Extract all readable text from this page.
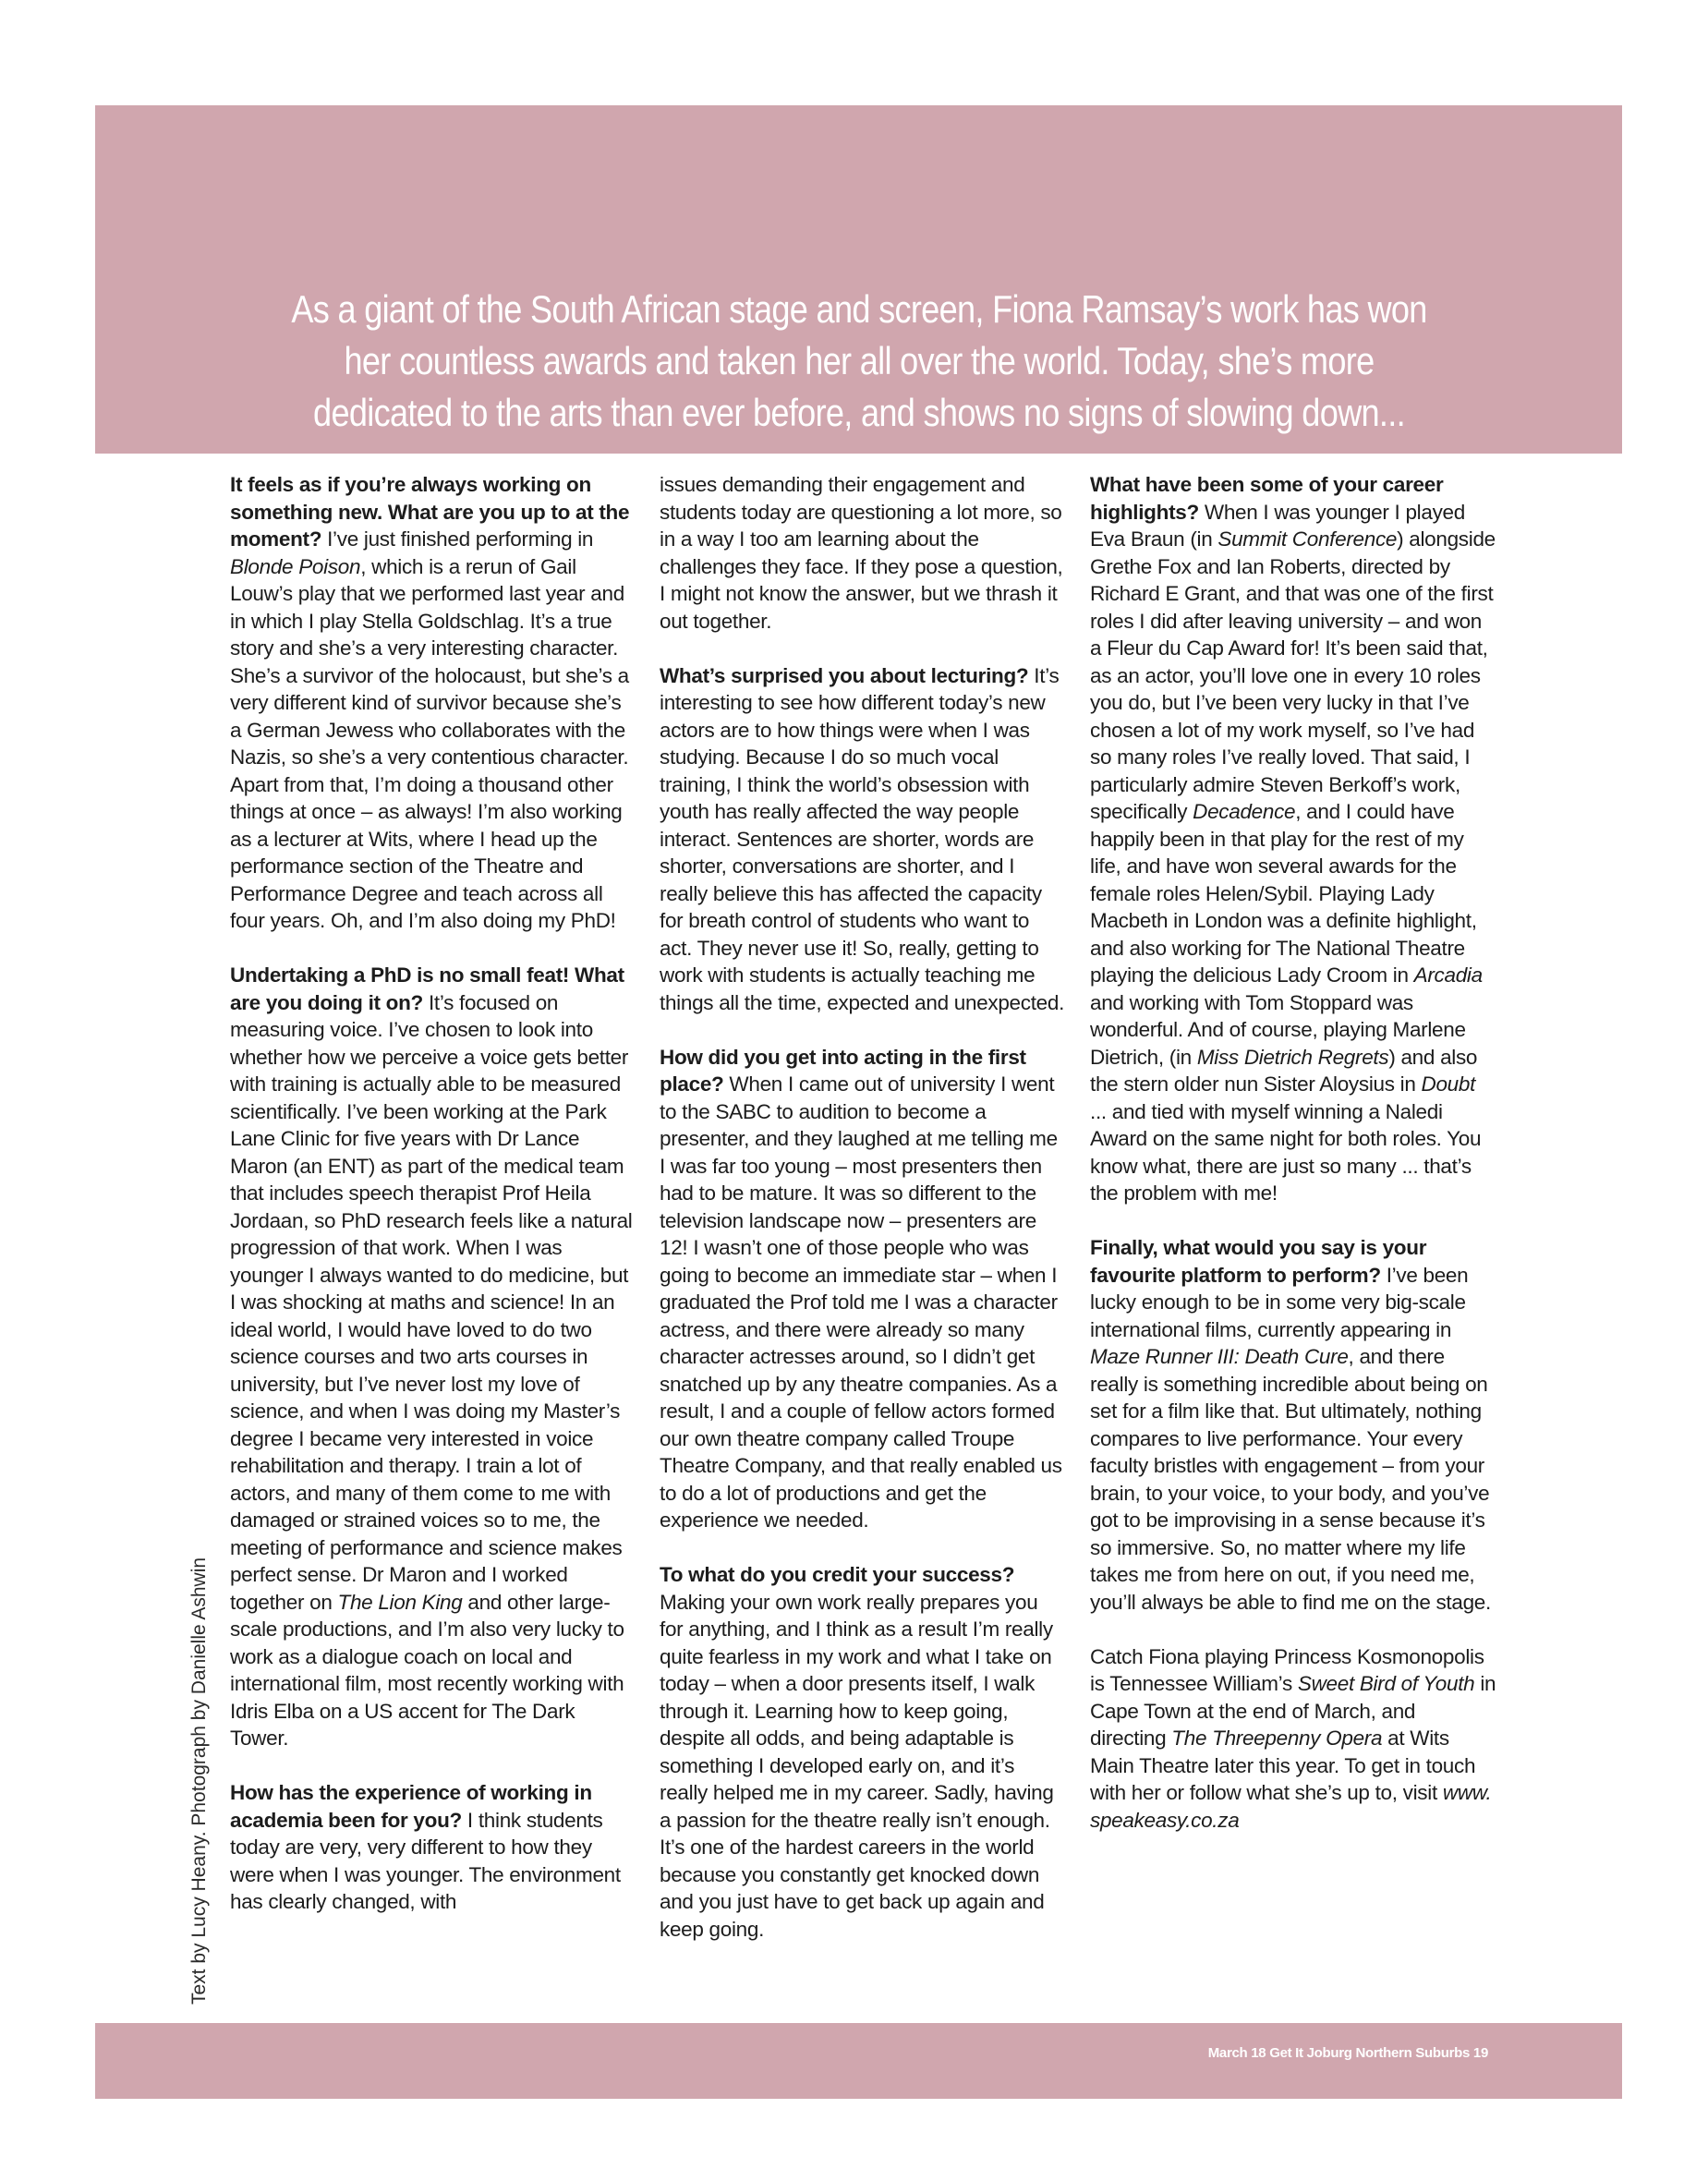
As a giant of the South African stage and screen, Fiona Ramsay’s work has won her countless awards and taken her all over the world. Today, she’s more dedicated to the arts than ever before, and shows no signs of slowing down...

It feels as if you’re always working on something new. What are you up to at the moment? I’ve just finished performing in Blonde Poison, which is a rerun of Gail Louw’s play that we performed last year and in which I play Stella Goldschlag. It’s a true story and she’s a very interesting character. She’s a survivor of the holocaust, but she’s a very different kind of survivor because she’s a German Jewess who collaborates with the Nazis, so she’s a very contentious character. Apart from that, I’m doing a thousand other things at once – as always! I’m also working as a lecturer at Wits, where I head up the performance section of the Theatre and Performance Degree and teach across all four years. Oh, and I’m also doing my PhD!

Undertaking a PhD is no small feat! What are you doing it on? It’s focused on measuring voice. I’ve chosen to look into whether how we perceive a voice gets better with training is actually able to be measured scientifically. I’ve been working at the Park Lane Clinic for five years with Dr Lance Maron (an ENT) as part of the medical team that includes speech therapist Prof Heila Jordaan, so PhD research feels like a natural progression of that work. When I was younger I always wanted to do medicine, but I was shocking at maths and science! In an ideal world, I would have loved to do two science courses and two arts courses in university, but I’ve never lost my love of science, and when I was doing my Master’s degree I became very interested in voice rehabilitation and therapy. I train a lot of actors, and many of them come to me with damaged or strained voices so to me, the meeting of performance and science makes perfect sense. Dr Maron and I worked together on The Lion King and other large-scale productions, and I’m also very lucky to work as a dialogue coach on local and international film, most recently working with Idris Elba on a US accent for The Dark Tower.

How has the experience of working in academia been for you? I think students today are very, very different to how they were when I was younger. The environment has clearly changed, with

issues demanding their engagement and students today are questioning a lot more, so in a way I too am learning about the challenges they face. If they pose a question, I might not know the answer, but we thrash it out together.

What’s surprised you about lecturing? It’s interesting to see how different today’s new actors are to how things were when I was studying. Because I do so much vocal training, I think the world’s obsession with youth has really affected the way people interact. Sentences are shorter, words are shorter, conversations are shorter, and I really believe this has affected the capacity for breath control of students who want to act. They never use it! So, really, getting to work with students is actually teaching me things all the time, expected and unexpected.

How did you get into acting in the first place? When I came out of university I went to the SABC to audition to become a presenter, and they laughed at me telling me I was far too young – most presenters then had to be mature. It was so different to the television landscape now – presenters are 12! I wasn’t one of those people who was going to become an immediate star – when I graduated the Prof told me I was a character actress, and there were already so many character actresses around, so I didn’t get snatched up by any theatre companies. As a result, I and a couple of fellow actors formed our own theatre company called Troupe Theatre Company, and that really enabled us to do a lot of productions and get the experience we needed.

To what do you credit your success? Making your own work really prepares you for anything, and I think as a result I’m really quite fearless in my work and what I take on today – when a door presents itself, I walk through it. Learning how to keep going, despite all odds, and being adaptable is something I developed early on, and it’s really helped me in my career. Sadly, having a passion for the theatre really isn’t enough. It’s one of the hardest careers in the world because you constantly get knocked down and you just have to get back up again and keep going.

What have been some of your career highlights? When I was younger I played Eva Braun (in Summit Conference) alongside Grethe Fox and Ian Roberts, directed by Richard E Grant, and that was one of the first roles I did after leaving university – and won a Fleur du Cap Award for! It’s been said that, as an actor, you’ll love one in every 10 roles you do, but I’ve been very lucky in that I’ve chosen a lot of my work myself, so I’ve had so many roles I’ve really loved. That said, I particularly admire Steven Berkoff’s work, specifically Decadence, and I could have happily been in that play for the rest of my life, and have won several awards for the female roles Helen/Sybil. Playing Lady Macbeth in London was a definite highlight, and also working for The National Theatre playing the delicious Lady Croom in Arcadia and working with Tom Stoppard was wonderful. And of course, playing Marlene Dietrich, (in Miss Dietrich Regrets) and also the stern older nun Sister Aloysius in Doubt ... and tied with myself winning a Naledi Award on the same night for both roles. You know what, there are just so many ... that’s the problem with me!

Finally, what would you say is your favourite platform to perform? I’ve been lucky enough to be in some very big-scale international films, currently appearing in Maze Runner III: Death Cure, and there really is something incredible about being on set for a film like that. But ultimately, nothing compares to live performance. Your every faculty bristles with engagement – from your brain, to your voice, to your body, and you’ve got to be improvising in a sense because it’s so immersive. So, no matter where my life takes me from here on out, if you need me, you’ll always be able to find me on the stage.

Catch Fiona playing Princess Kosmonopolis is Tennessee William’s Sweet Bird of Youth in Cape Town at the end of March, and directing The Threepenny Opera at Wits Main Theatre later this year. To get in touch with her or follow what she’s up to, visit www. speakeasy.co.za

Text by Lucy Heany. Photograph by Danielle Ashwin
March 18 Get It Joburg Northern Suburbs 19
